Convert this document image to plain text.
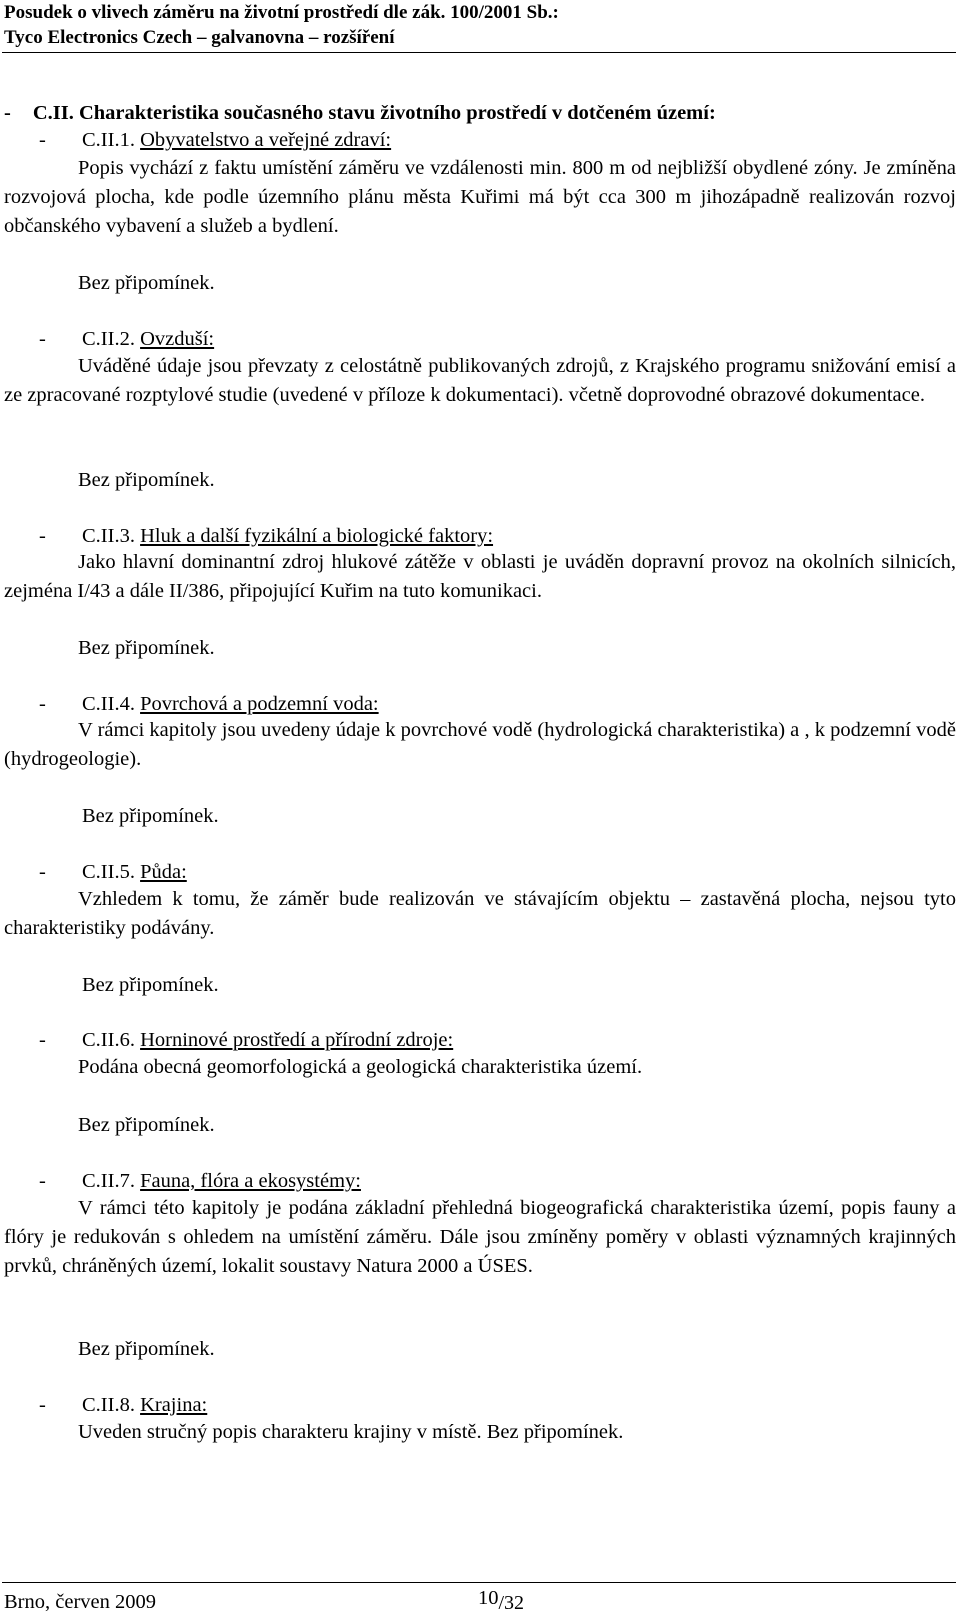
Posudek o vlivech záměru na životní prostředí dle zák. 100/2001 Sb.:
Tyco Electronics Czech – galvanovna – rozšíření
- C.II. Charakteristika současného stavu životního prostředí v dotčeném území:
- C.II.1. Obyvatelstvo a veřejné zdraví:

Popis vychází z faktu umístění záměru ve vzdálenosti min. 800 m od nejbližší obydlené zóny. Je zmíněna rozvojová plocha, kde podle územního plánu města Kuřimi má být cca 300 m jihozápadně realizován rozvoj občanského vybavení a služeb a bydlení.

Bez připomínek.
- C.II.2. Ovzduší:

Uváděné údaje jsou převzaty z celostátně publikovaných zdrojů, z Krajského programu snižování emisí a ze zpracované rozptylové studie (uvedené v příloze k dokumentaci). včetně doprovodné obrazové dokumentace.

Bez připomínek.
- C.II.3. Hluk a další fyzikální a biologické faktory:

Jako hlavní dominantní zdroj hlukové zátěže v oblasti je uváděn dopravní provoz na okolních silnicích, zejména I/43 a dále II/386, připojující Kuřim na tuto komunikaci.

Bez připomínek.
- C.II.4. Povrchová a podzemní voda:

V rámci kapitoly jsou uvedeny údaje k povrchové vodě (hydrologická charakteristika) a , k podzemní vodě (hydrogeologie).

Bez připomínek.
- C.II.5. Půda:

Vzhledem k tomu, že záměr bude realizován ve stávajícím objektu – zastavěná plocha, nejsou tyto charakteristiky podávány.

Bez připomínek.
- C.II.6. Horninové prostředí a přírodní zdroje:

Podána obecná geomorfologická a geologická charakteristika území.

Bez připomínek.
- C.II.7. Fauna, flóra a ekosystémy:

V rámci této kapitoly je podána základní přehledná biogeografická charakteristika území, popis fauny a flóry je redukován s ohledem na umístění záměru. Dále jsou zmíněny poměry v oblasti významných krajinných prvků, chráněných území, lokalit soustavy Natura 2000 a ÚSES.

Bez připomínek.
- C.II.8. Krajina:

Uveden stručný popis charakteru krajiny v místě. Bez připomínek.

Brno, červen 2009	10/32
